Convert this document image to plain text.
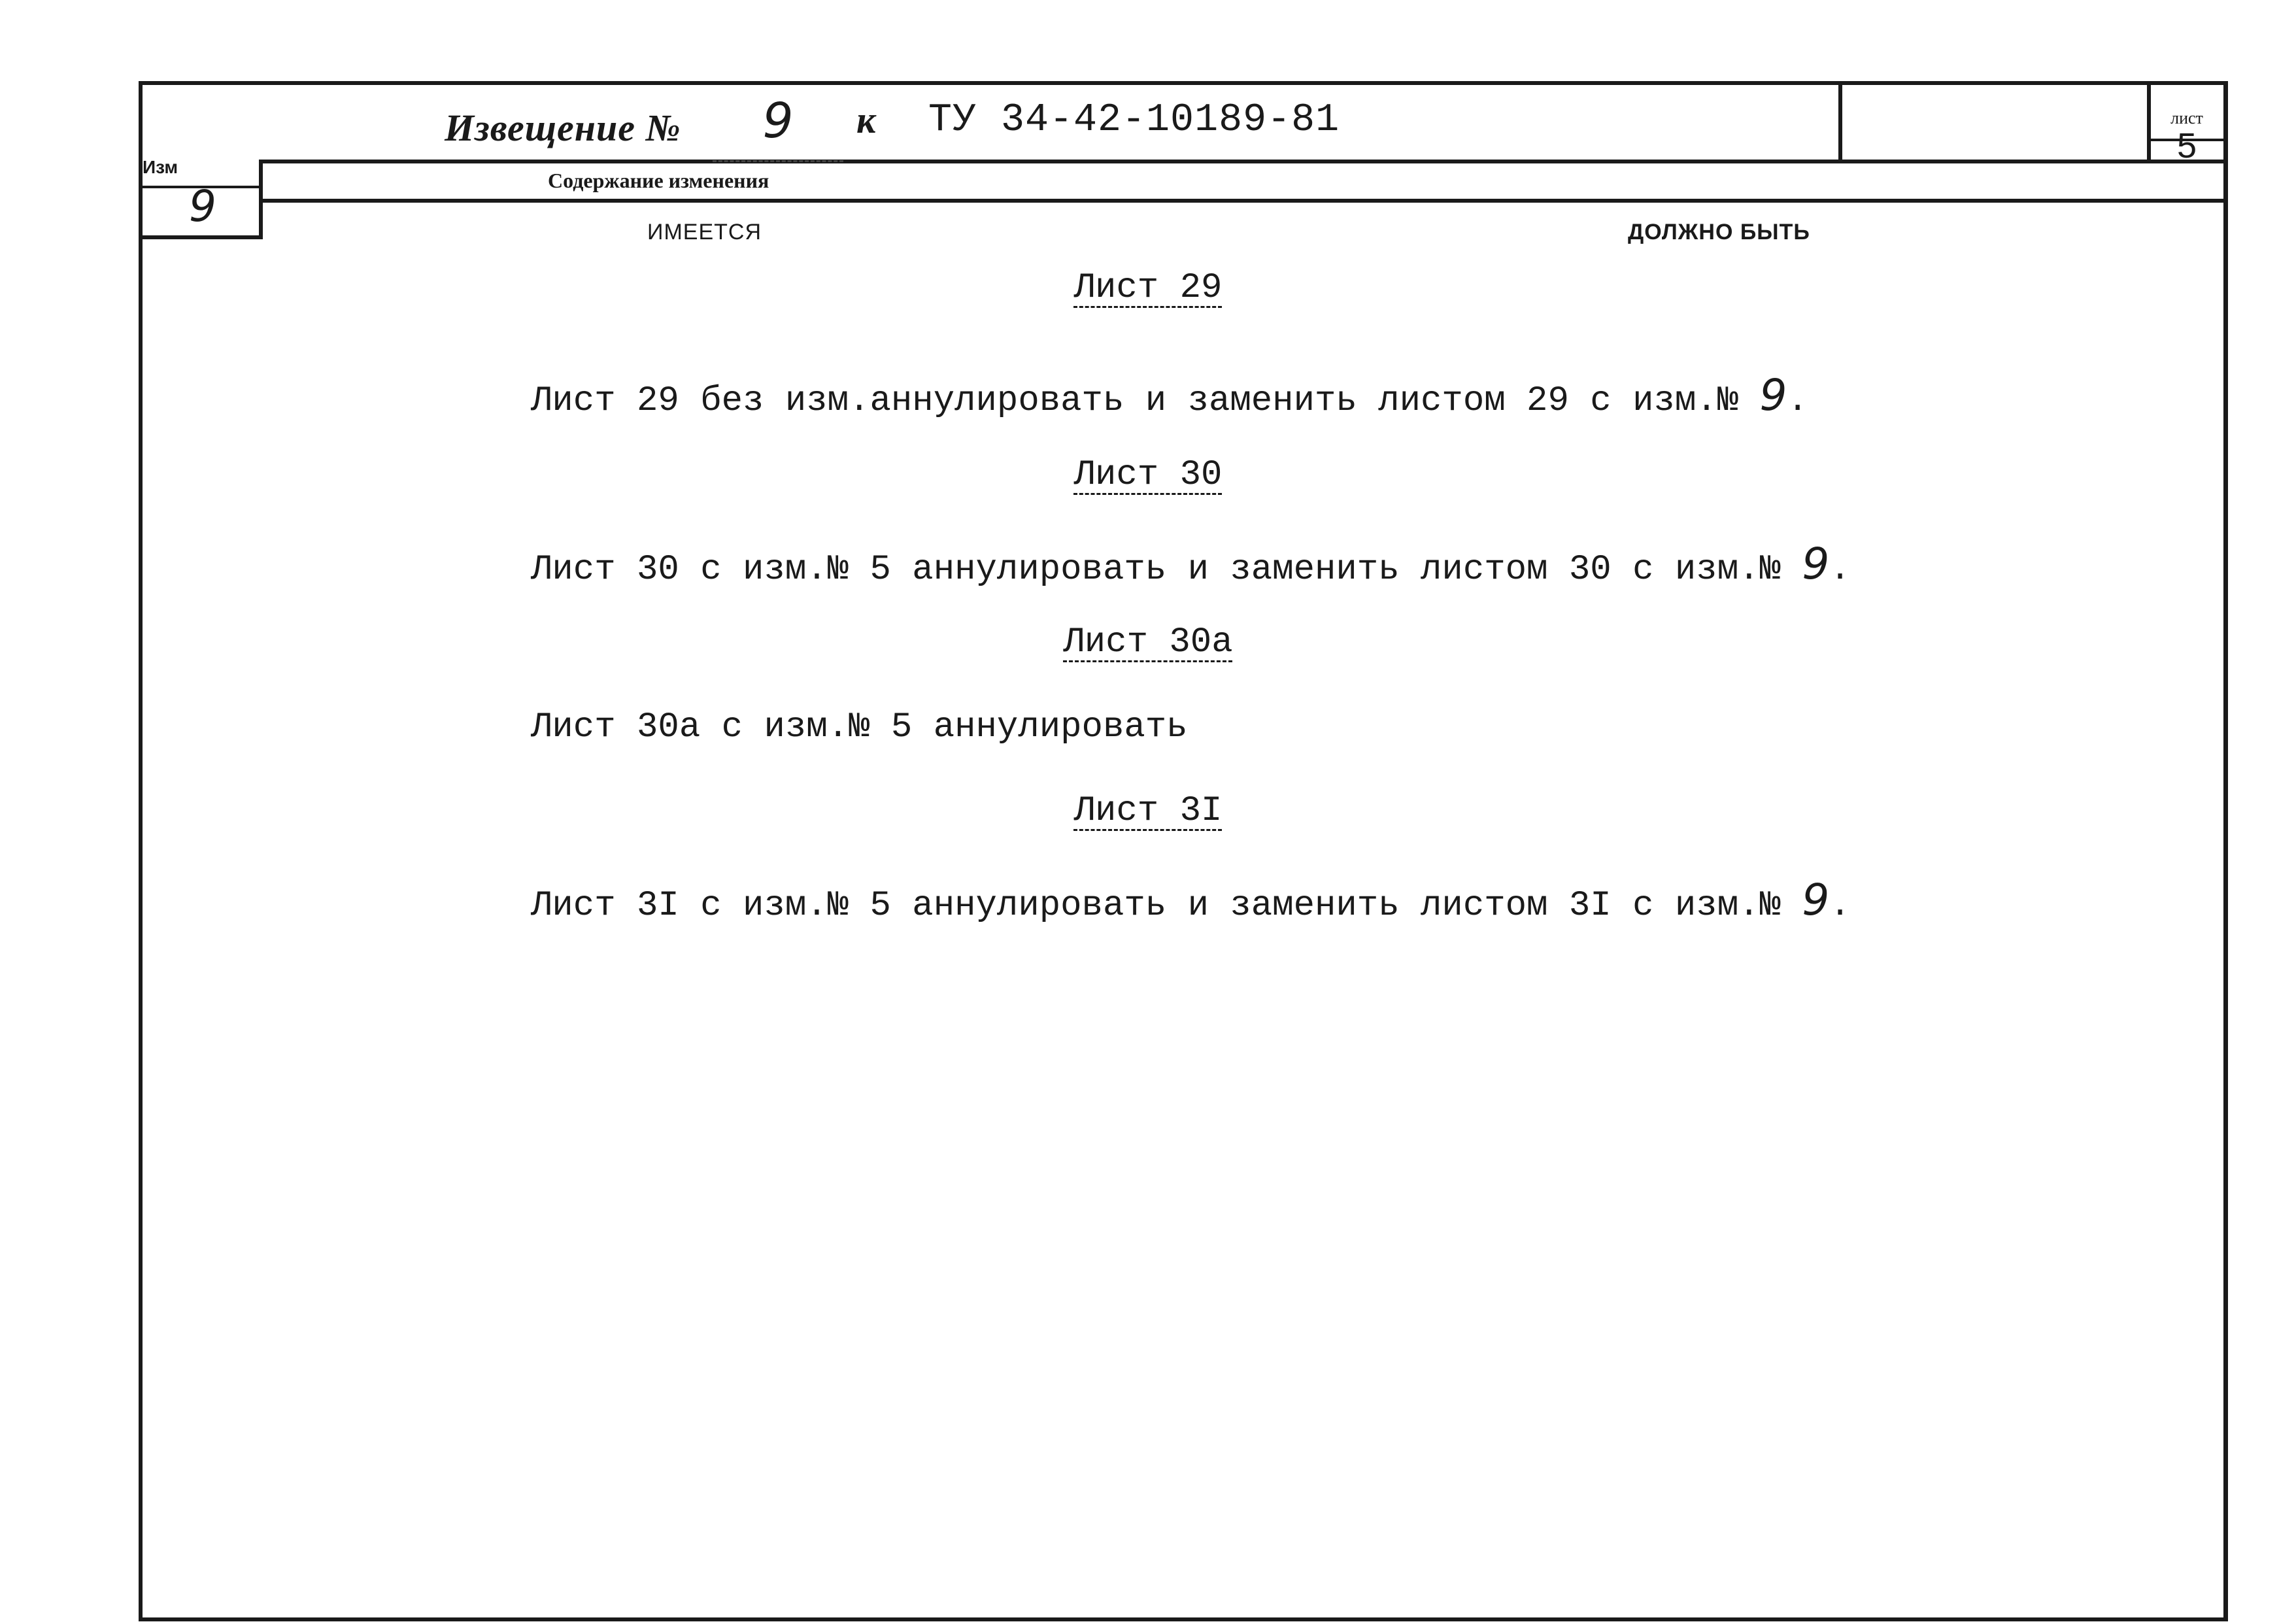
Извещение №	9	к ТУ 34-42-10189-81	лист
5
Изм
9
Содержание изменения
ИМЕЕТСЯ	ДОЛЖНО БЫТЬ
Лист 29
Лист 29 без изм.аннулировать и заменить листом 29 с изм.№ 9.
Лист 30
Лист 30 с изм.№ 5 аннулировать и заменить листом 30 с изм.№ 9.
Лист 30а
Лист 30а с изм.№ 5 аннулировать
Лист 3I
Лист 3I с изм.№ 5 аннулировать и заменить листом 3I с изм.№ 9.
